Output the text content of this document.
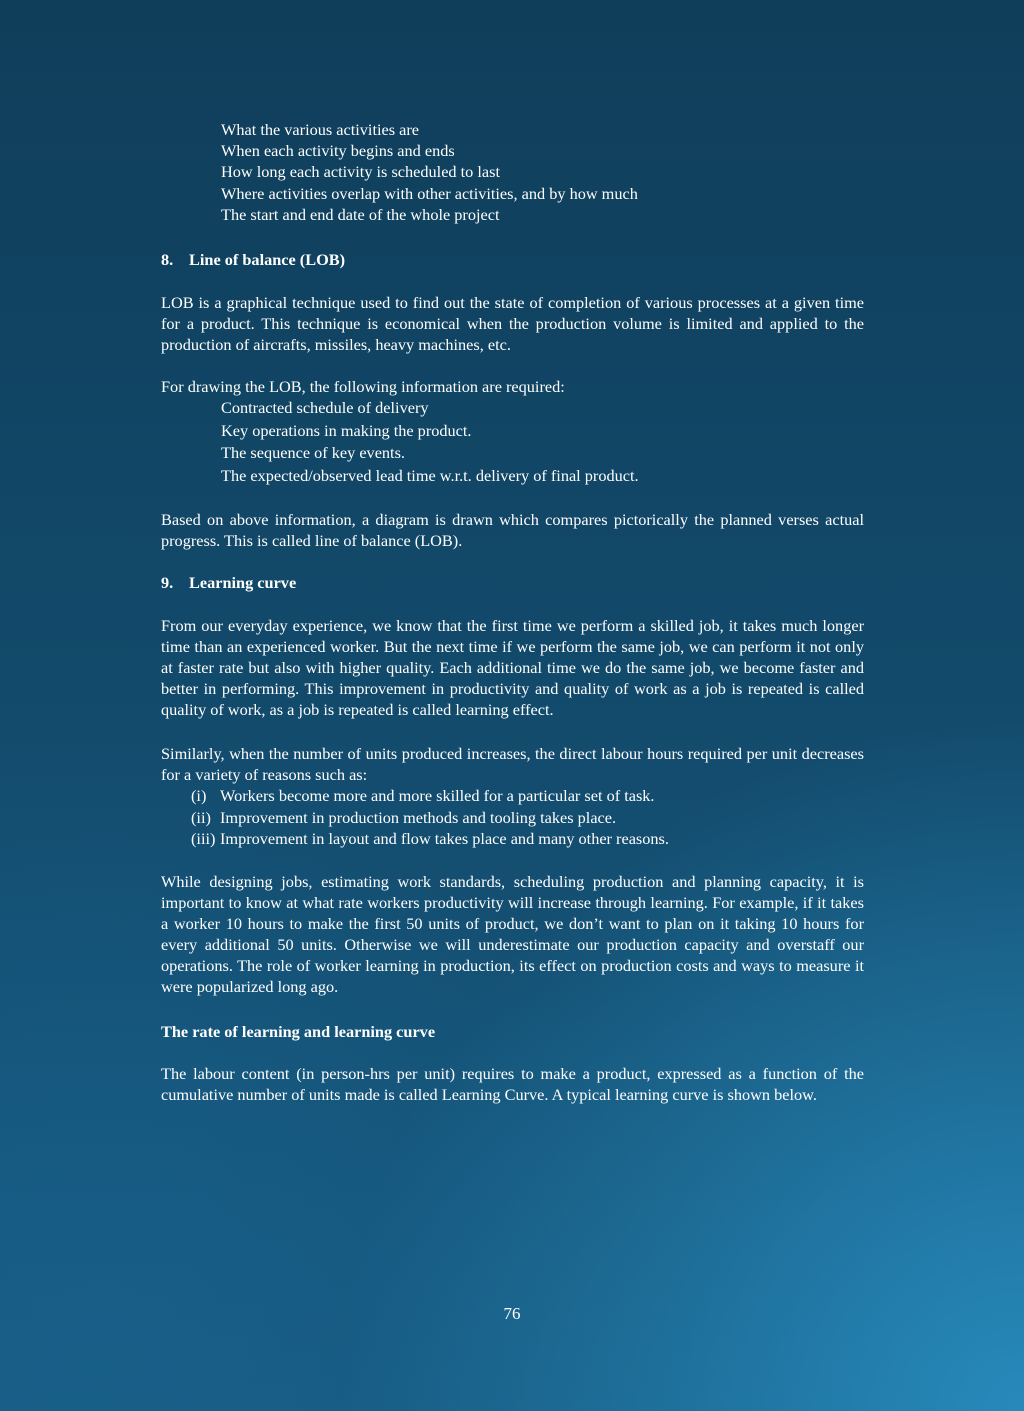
What the various activities are
When each activity begins and ends
How long each activity is scheduled to last
Where activities overlap with other activities, and by how much
The start and end date of the whole project
8. Line of balance (LOB)

LOB is a graphical technique used to find out the state of completion of various processes at a given time for a product. This technique is economical when the production volume is limited and applied to the production of aircrafts, missiles, heavy machines, etc.

For drawing the LOB, the following information are required:

Contracted schedule of delivery
Key operations in making the product.
The sequence of key events.
The expected/observed lead time w.r.t. delivery of final product.

Based on above information, a diagram is drawn which compares pictorically the planned verses actual progress. This is called line of balance (LOB).

9. Learning curve

From our everyday experience, we know that the first time we perform a skilled job, it takes much longer time than an experienced worker. But the next time if we perform the same job, we can perform it not only at faster rate but also with higher quality. Each additional time we do the same job, we become faster and better in performing. This improvement in productivity and quality of work as a job is repeated is called quality of work, as a job is repeated is called learning effect.

Similarly, when the number of units produced increases, the direct labour hours required per unit decreases for a variety of reasons such as:

(i) Workers become more and more skilled for a particular set of task.
(ii) Improvement in production methods and tooling takes place.
(iii) Improvement in layout and flow takes place and many other reasons.

While designing jobs, estimating work standards, scheduling production and planning capacity, it is important to know at what rate workers productivity will increase through learning. For example, if it takes a worker 10 hours to make the first 50 units of product, we don’t want to plan on it taking 10 hours for every additional 50 units. Otherwise we will underestimate our production capacity and overstaff our operations. The role of worker learning in production, its effect on production costs and ways to measure it were popularized long ago.

The rate of learning and learning curve

The labour content (in person-hrs per unit) requires to make a product, expressed as a function of the cumulative number of units made is called Learning Curve. A typical learning curve is shown below.

76
